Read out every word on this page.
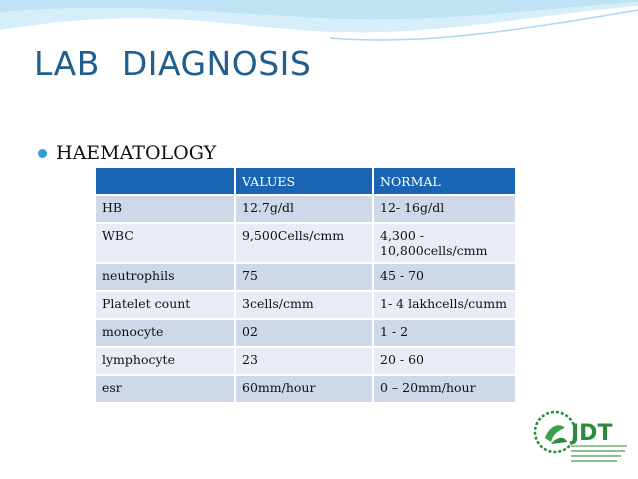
LAB  DIAGNOSIS
HAEMATOLOGY
	VALUES	NORMAL
HB	12.7g/dl	12- 16g/dl
WBC	9,500Cells/cmm	4,300 - 10,800cells/cmm
neutrophils	75	45 - 70
Platelet count	3cells/cmm	1- 4 lakhcells/cumm
monocyte	02	1 - 2
lymphocyte	23	20 - 60
esr	60mm/hour	0 – 20mm/hour
JDT
